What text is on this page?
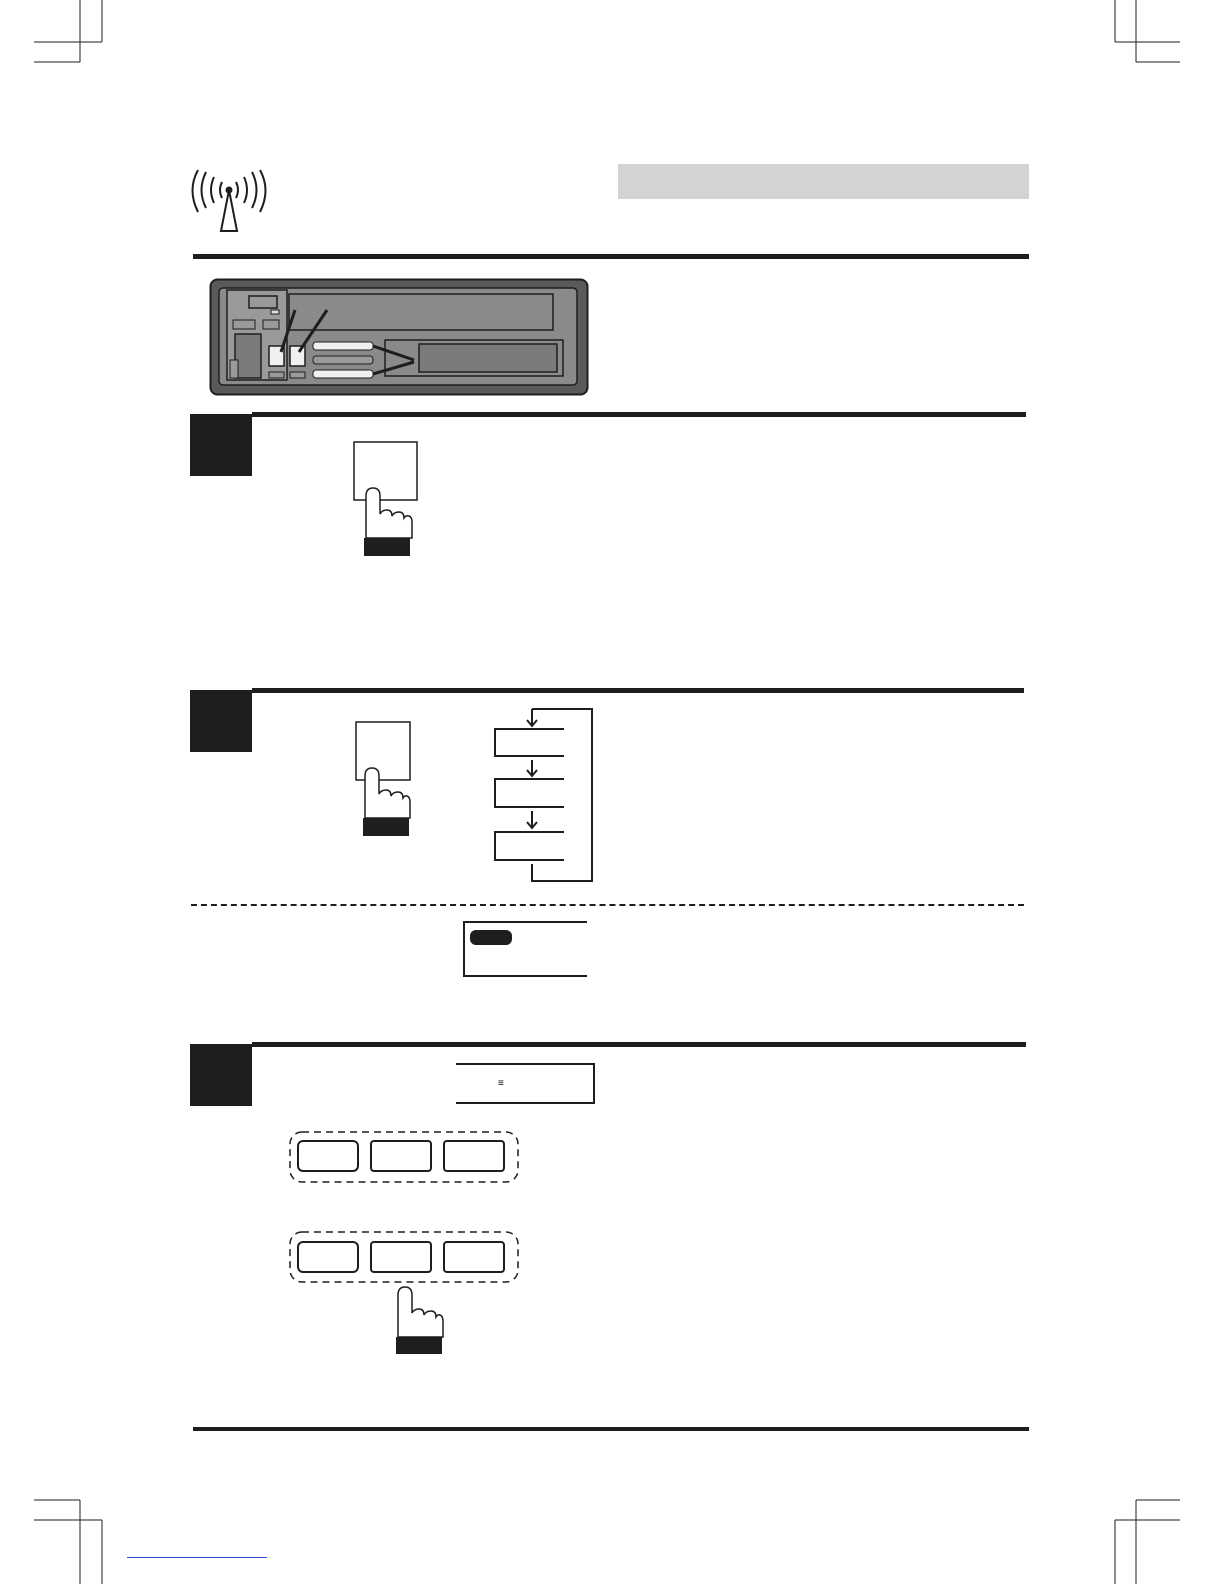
≡
